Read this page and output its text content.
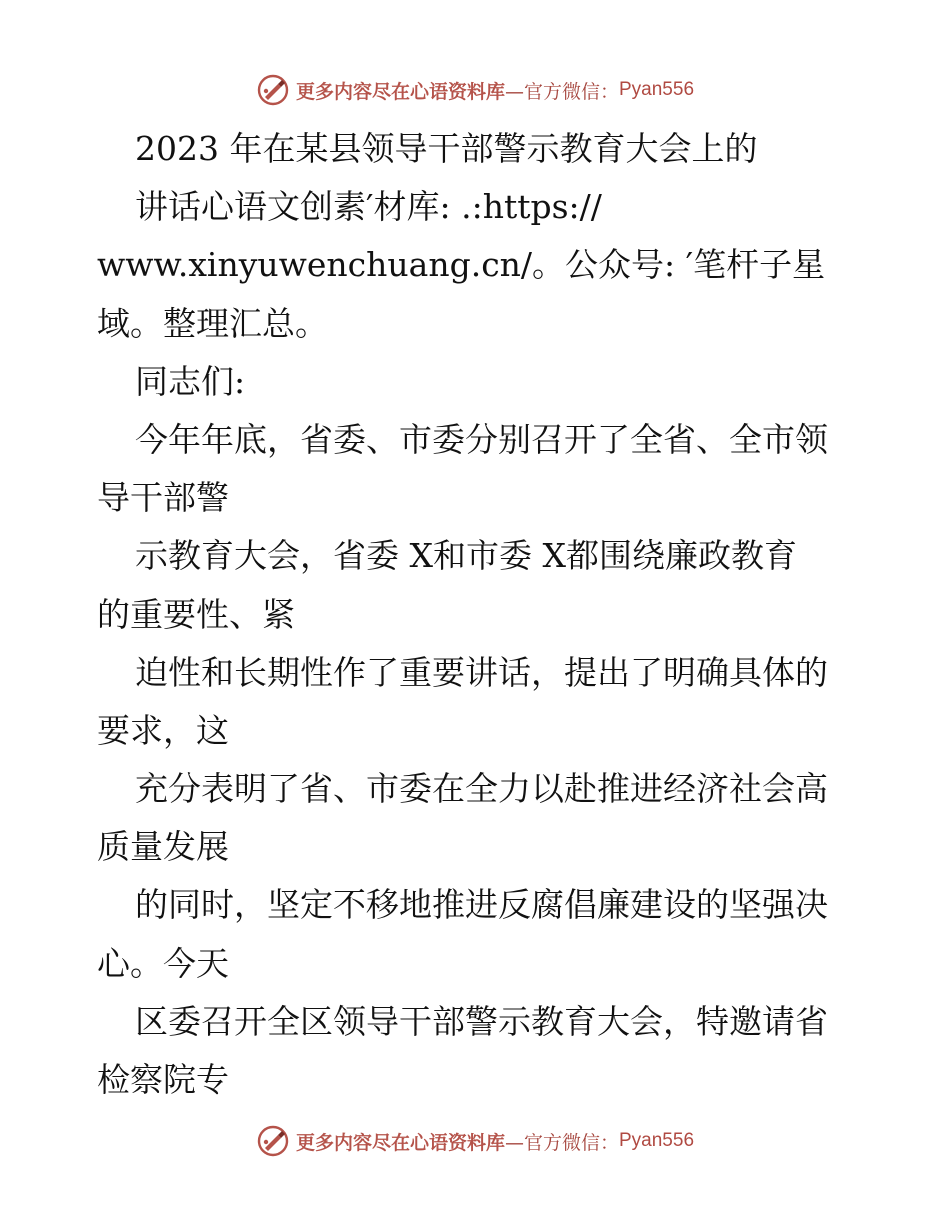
更多内容尽在心语资料库 —官方微信： Pyan556
2023 年在某县领导干部警示教育大会上的
讲话心语文创素′材库: .:https://
www.xinyuwenchuang.cn/。公众号: ′笔杆子星
域。整理汇总。
同志们:
今年年底，省委、市委分别召开了全省、全市领
导干部警
示教育大会，省委 X和市委 X都围绕廉政教育
的重要性、紧
迫性和长期性作了重要讲话，提出了明确具体的
要求，这
充分表明了省、市委在全力以赴推进经济社会高
质量发展
的同时，坚定不移地推进反腐倡廉建设的坚强决
心。今天
区委召开全区领导干部警示教育大会，特邀请省
检察院专
更多内容尽在心语资料库 —官方微信： Pyan556
